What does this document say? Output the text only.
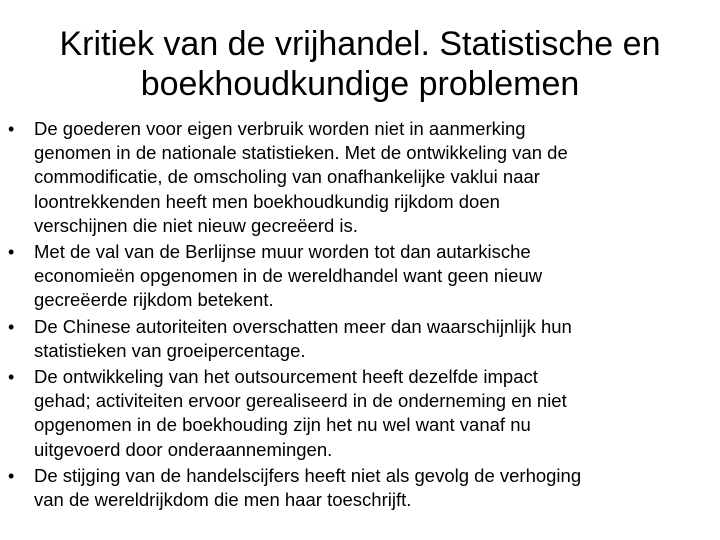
Kritiek van de vrijhandel. Statistische en
boekhoudkundige problemen
• De goederen voor eigen verbruik worden niet in aanmerking
genomen in de nationale statistieken. Met de ontwikkeling van de
commodificatie, de omscholing van onafhankelijke vaklui naar
loontrekkenden heeft men boekhoudkundig rijkdom doen
verschijnen die niet nieuw gecreëerd is.
• Met de val van de Berlijnse muur worden tot dan autarkische
economieën opgenomen in de wereldhandel want geen nieuw
gecreëerde rijkdom betekent.
• De Chinese autoriteiten overschatten meer dan waarschijnlijk hun
statistieken van groeipercentage.
• De ontwikkeling van het outsourcement heeft dezelfde impact
gehad; activiteiten ervoor gerealiseerd in de onderneming en niet
opgenomen in de boekhouding zijn het nu wel want vanaf nu
uitgevoerd door onderaannemingen.
• De stijging van de handelscijfers heeft niet als gevolg de verhoging
van de wereldrijkdom die men haar toeschrijft.
